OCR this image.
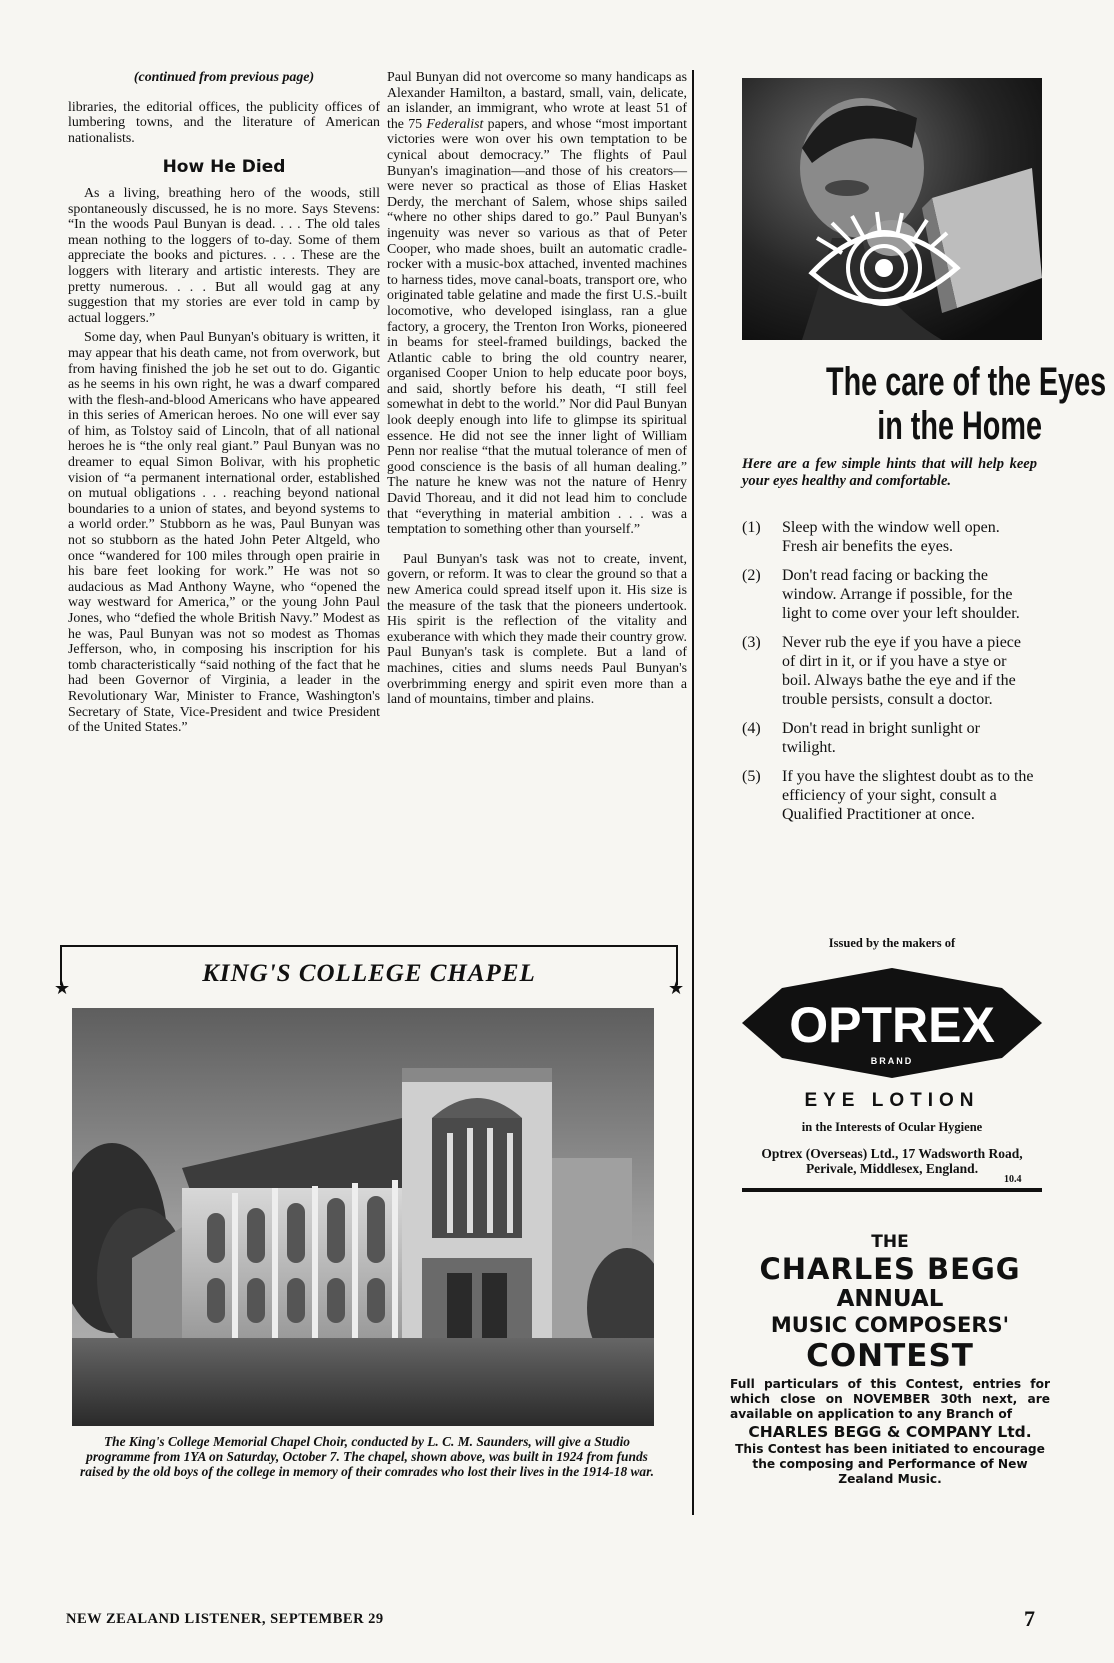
(continued from previous page)

libraries, the editorial offices, the publicity offices of lumbering towns, and the literature of American nationalists.

How He Died

As a living, breathing hero of the woods, still spontaneously discussed, he is no more. Says Stevens: “In the woods Paul Bunyan is dead. . . . The old tales mean nothing to the loggers of to-day. Some of them appreciate the books and pictures. . . . These are the loggers with literary and artistic interests. They are pretty numerous. . . . But all would gag at any suggestion that my stories are ever told in camp by actual loggers.”

Some day, when Paul Bunyan's obituary is written, it may appear that his death came, not from overwork, but from having finished the job he set out to do. Gigantic as he seems in his own right, he was a dwarf compared with the flesh-and-blood Americans who have appeared in this series of American heroes. No one will ever say of him, as Tolstoy said of Lincoln, that of all national heroes he is “the only real giant.” Paul Bunyan was no dreamer to equal Simon Bolivar, with his prophetic vision of “a permanent international order, established on mutual obligations . . . reaching beyond national boundaries to a union of states, and beyond systems to a world order.” Stubborn as he was, Paul Bunyan was not so stubborn as the hated John Peter Altgeld, who once “wandered for 100 miles through open prairie in his bare feet looking for work.” He was not so audacious as Mad Anthony Wayne, who “opened the way westward for America,” or the young John Paul Jones, who “defied the whole British Navy.” Modest as he was, Paul Bunyan was not so modest as Thomas Jefferson, who, in composing his inscription for his tomb characteristically “said nothing of the fact that he had been Governor of Virginia, a leader in the Revolutionary War, Minister to France, Washington's Secretary of State, Vice-President and twice President of the United States.”

Paul Bunyan did not overcome so many handicaps as Alexander Hamilton, a bastard, small, vain, delicate, an islander, an immigrant, who wrote at least 51 of the 75 Federalist papers, and whose “most important victories were won over his own temptation to be cynical about democracy.” The flights of Paul Bunyan's imagination—and those of his creators—were never so practical as those of Elias Hasket Derdy, the merchant of Salem, whose ships sailed “where no other ships dared to go.” Paul Bunyan's ingenuity was never so various as that of Peter Cooper, who made shoes, built an automatic cradle-rocker with a music-box attached, invented machines to harness tides, move canal-boats, transport ore, who originated table gelatine and made the first U.S.-built locomotive, who developed isinglass, ran a glue factory, a grocery, the Trenton Iron Works, pioneered in beams for steel-framed buildings, backed the Atlantic cable to bring the old country nearer, organised Cooper Union to help educate poor boys, and said, shortly before his death, “I still feel somewhat in debt to the world.” Nor did Paul Bunyan look deeply enough into life to glimpse its spiritual essence. He did not see the inner light of William Penn nor realise “that the mutual tolerance of men of good conscience is the basis of all human dealing.” The nature he knew was not the nature of Henry David Thoreau, and it did not lead him to conclude that “everything in material ambition . . . was a temptation to something other than yourself.”

Paul Bunyan's task was not to create, invent, govern, or reform. It was to clear the ground so that a new America could spread itself upon it. His size is the measure of the task that the pioneers undertook. His spirit is the reflection of the vitality and exuberance with which they made their country grow. Paul Bunyan's task is complete. But a land of machines, cities and slums needs Paul Bunyan's overbrimming energy and spirit even more than a land of mountains, timber and plains.

★	★
KING'S COLLEGE CHAPEL
The King's College Memorial Chapel Choir, conducted by L. C. M. Saunders, will give a Studio programme from 1YA on Saturday, October 7. The chapel, shown above, was built in 1924 from funds raised by the old boys of the college in memory of their comrades who lost their lives in the 1914-18 war.
NEW ZEALAND LISTENER, SEPTEMBER 29	7
The care of the Eyes
in the Home
Here are a few simple hints that will help keep your eyes healthy and comfortable.
(1) Sleep with the window well open. Fresh air benefits the eyes.
(2) Don't read facing or backing the window. Arrange if possible, for the light to come over your left shoulder.
(3) Never rub the eye if you have a piece of dirt in it, or if you have a stye or boil. Always bathe the eye and if the trouble persists, consult a doctor.
(4) Don't read in bright sunlight or twilight.
(5) If you have the slightest doubt as to the efficiency of your sight, consult a Qualified Practitioner at once.
Issued by the makers of
OPTREX
BRAND
EYE LOTION
in the Interests of Ocular Hygiene
Optrex (Overseas) Ltd., 17 Wadsworth Road, Perivale, Middlesex, England.
10.4
THE
CHARLES BEGG
ANNUAL
MUSIC COMPOSERS'
CONTEST
Full particulars of this Contest, entries for which close on NOVEMBER 30th next, are available on application to any Branch of
CHARLES BEGG & COMPANY Ltd.
This Contest has been initiated to encourage the composing and Performance of New Zealand Music.
